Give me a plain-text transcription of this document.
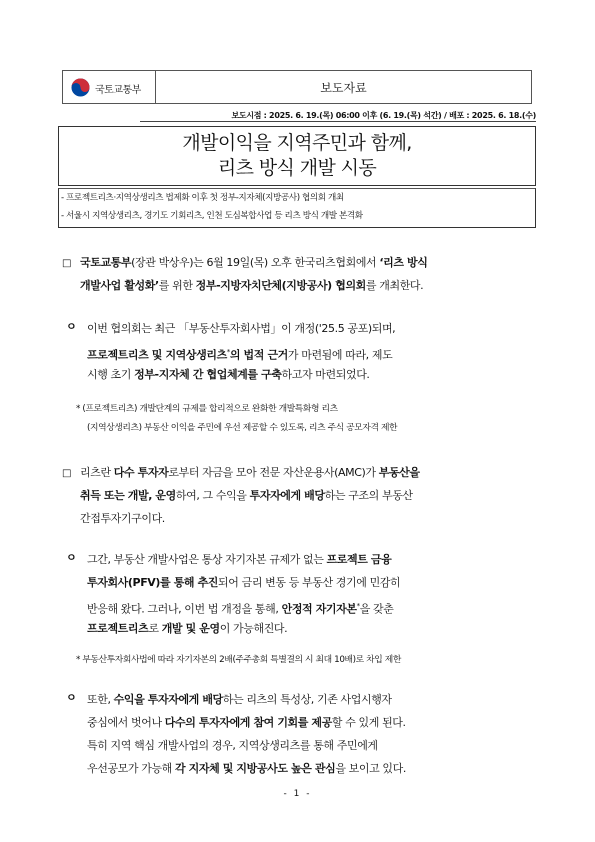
국토교통부	보도자료
보도시점 : 2025. 6. 19.(목) 06:00 이후 (6. 19.(목) 석간) / 배포 : 2025. 6. 18.(수)
개발이익을 지역주민과 함께,
리츠 방식 개발 시동
- 프로젝트리츠·지역상생리츠 법제화 이후 첫 정부-지자체(지방공사) 협의회 개최
- 서울시 지역상생리츠, 경기도 기회리츠, 인천 도심복합사업 등 리츠 방식 개발 본격화
□ 국토교통부(장관 박상우)는 6월 19일(목) 오후 한국리츠협회에서 ‘리츠 방식
개발사업 활성화’를 위한 정부-지방자치단체(지방공사) 협의회를 개최한다.
ㅇ 이번 협의회는 최근 「부동산투자회사법」이 개정('25.5 공포)되며,
프로젝트리츠 및 지역상생리츠*의 법적 근거가 마련됨에 따라, 제도
시행 초기 정부-지자체 간 협업체계를 구축하고자 마련되었다.
* (프로젝트리츠) 개발단계의 규제를 합리적으로 완화한 개발특화형 리츠
(지역상생리츠) 부동산 이익을 주민에 우선 제공할 수 있도록, 리츠 주식 공모자격 제한
□ 리츠란 다수 투자자로부터 자금을 모아 전문 자산운용사(AMC)가 부동산을
취득 또는 개발, 운영하여, 그 수익을 투자자에게 배당하는 구조의 부동산
간접투자기구이다.
ㅇ 그간, 부동산 개발사업은 통상 자기자본 규제가 없는 프로젝트 금융
투자회사(PFV)를 통해 추진되어 금리 변동 등 부동산 경기에 민감히
반응해 왔다. 그러나, 이번 법 개정을 통해, 안정적 자기자본*을 갖춘
프로젝트리츠로 개발 및 운영이 가능해진다.
* 부동산투자회사법에 따라 자기자본의 2배(주주총회 특별결의 시 최대 10배)로 차입 제한
ㅇ 또한, 수익을 투자자에게 배당하는 리츠의 특성상, 기존 사업시행자
중심에서 벗어나 다수의 투자자에게 참여 기회를 제공할 수 있게 된다.
특히 지역 핵심 개발사업의 경우, 지역상생리츠를 통해 주민에게
우선공모가 가능해 각 지자체 및 지방공사도 높은 관심을 보이고 있다.
- 1 -
